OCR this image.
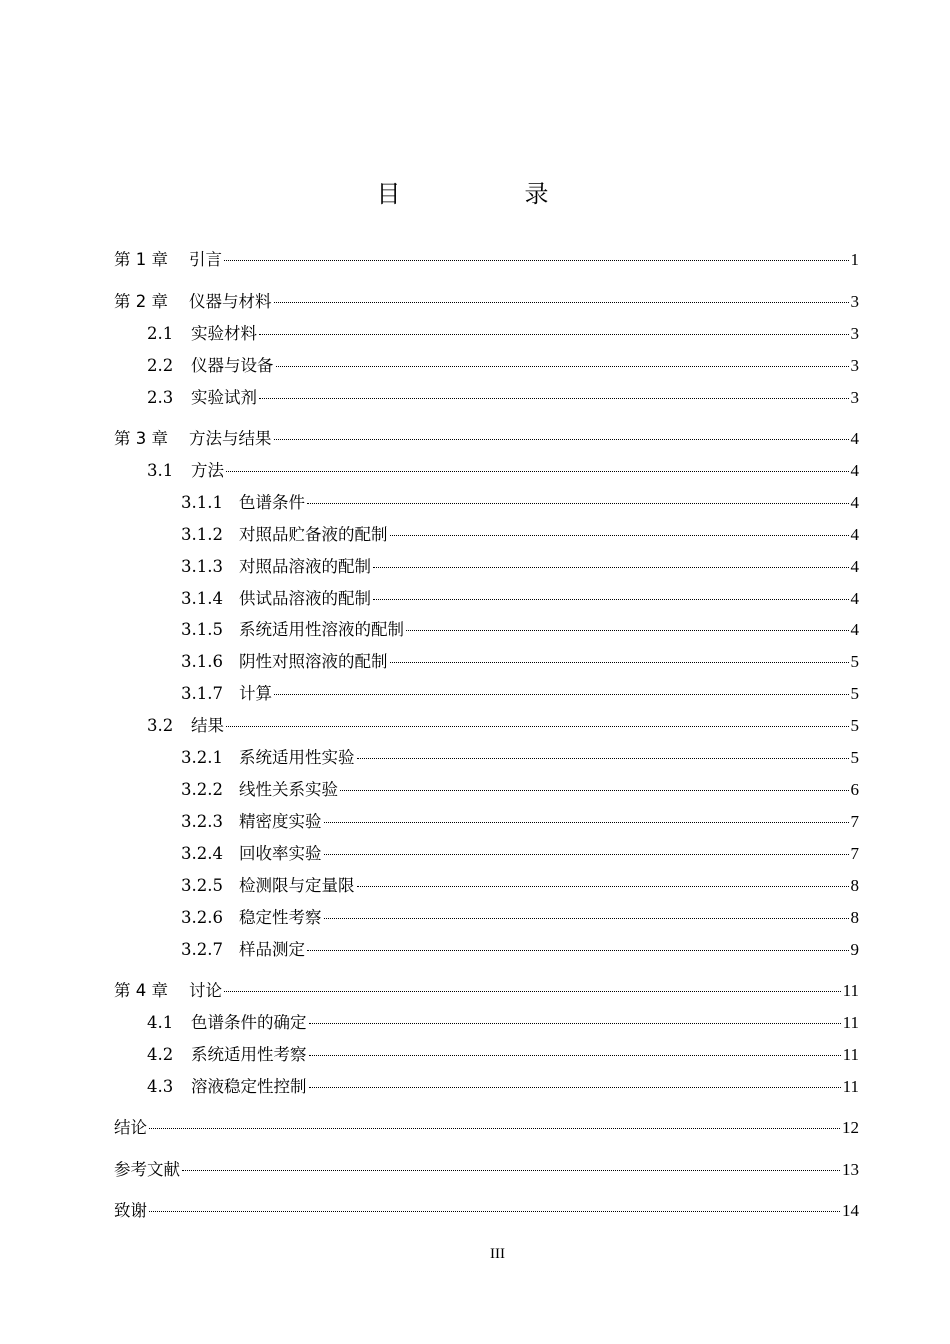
目　录
第 1 章	引言	1
第 2 章	仪器与材料	3
2.1	实验材料	3
2.2	仪器与设备	3
2.3	实验试剂	3
第 3 章	方法与结果	4
3.1	方法	4
3.1.1 色谱条件	4
3.1.2 对照品贮备液的配制	4
3.1.3 对照品溶液的配制	4
3.1.4 供试品溶液的配制	4
3.1.5 系统适用性溶液的配制	4
3.1.6 阴性对照溶液的配制	5
3.1.7 计算	5
3.2	结果	5
3.2.1 系统适用性实验	5
3.2.2 线性关系实验	6
3.2.3 精密度实验	7
3.2.4 回收率实验	7
3.2.5 检测限与定量限	8
3.2.6 稳定性考察	8
3.2.7 样品测定	9
第 4 章	讨论	11
4.1	色谱条件的确定	11
4.2	系统适用性考察	11
4.3	溶液稳定性控制	11
结论	12
参考文献	13
致谢	14
III
